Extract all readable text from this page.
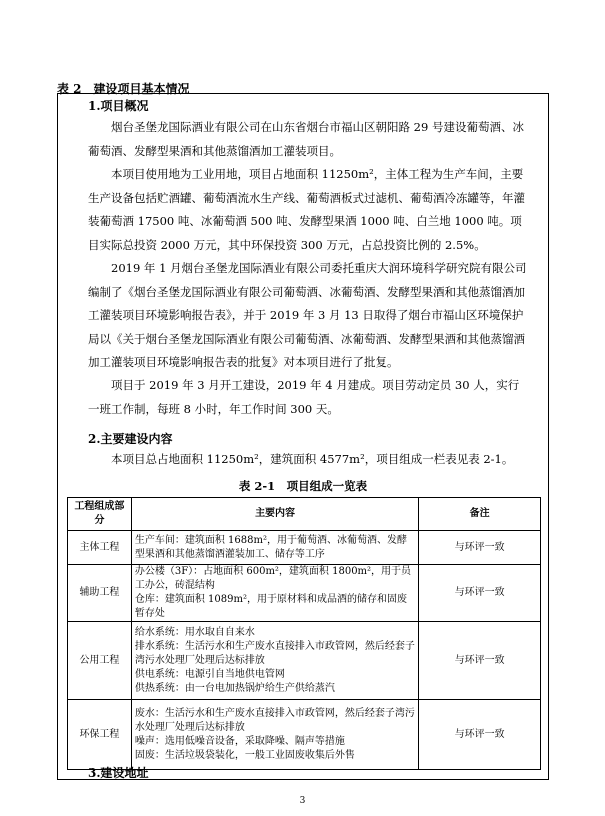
表 2　建设项目基本情况
1.项目概况
烟台圣堡龙国际酒业有限公司在山东省烟台市福山区朝阳路 29 号建设葡萄酒、冰葡萄酒、发酵型果酒和其他蒸馏酒加工灌装项目。
本项目使用地为工业用地，项目占地面积 11250m²，主体工程为生产车间，主要生产设备包括贮酒罐、葡萄酒流水生产线、葡萄酒板式过滤机、葡萄酒冷冻罐等，年灌装葡萄酒 17500 吨、冰葡萄酒 500 吨、发酵型果酒 1000 吨、白兰地 1000 吨。项目实际总投资 2000 万元，其中环保投资 300 万元，占总投资比例的 2.5%。
2019 年 1 月烟台圣堡龙国际酒业有限公司委托重庆大润环境科学研究院有限公司编制了《烟台圣堡龙国际酒业有限公司葡萄酒、冰葡萄酒、发酵型果酒和其他蒸馏酒加工灌装项目环境影响报告表》，并于 2019 年 3 月 13 日取得了烟台市福山区环境保护局以《关于烟台圣堡龙国际酒业有限公司葡萄酒、冰葡萄酒、发酵型果酒和其他蒸馏酒加工灌装项目环境影响报告表的批复》对本项目进行了批复。
项目于 2019 年 3 月开工建设，2019 年 4 月建成。项目劳动定员 30 人，实行一班工作制，每班 8 小时，年工作时间 300 天。
2.主要建设内容
本项目总占地面积 11250m²，建筑面积 4577m²，项目组成一栏表见表 2-1。
表 2-1　项目组成一览表
工程组成部分	主要内容	备注
主体工程	生产车间：建筑面积 1688m²，用于葡萄酒、冰葡萄酒、发酵型果酒和其他蒸馏酒灌装加工、储存等工序	与环评一致
辅助工程	办公楼（3F）：占地面积 600m²，建筑面积 1800m²，用于员工办公，砖混结构
仓库：建筑面积 1089m²，用于原材料和成品酒的储存和固废暂存处	与环评一致
公用工程	给水系统：用水取自自来水
排水系统：生活污水和生产废水直接排入市政管网，然后经套子湾污水处理厂处理后达标排放
供电系统：电源引自当地供电管网
供热系统：由一台电加热锅炉给生产供给蒸汽	与环评一致
环保工程	废水：生活污水和生产废水直接排入市政管网，然后经套子湾污水处理厂处理后达标排放
噪声：选用低噪音设备，采取降噪、隔声等措施
固废：生活垃圾袋装化，一般工业固废收集后外售	与环评一致
3.建设地址
3
